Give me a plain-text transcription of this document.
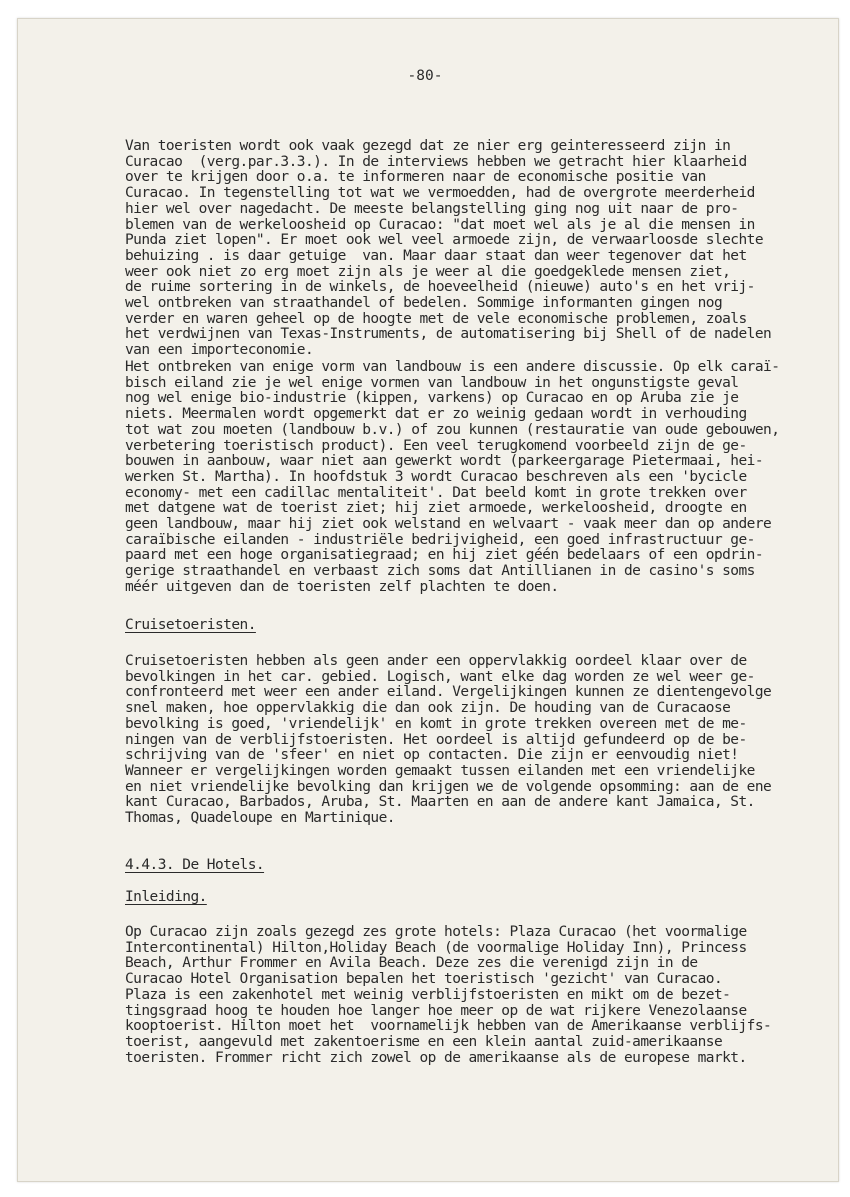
-80-

Van toeristen wordt ook vaak gezegd dat ze nier erg geinteresseerd zijn in
Curacao  (verg.par.3.3.). In de interviews hebben we getracht hier klaarheid
over te krijgen door o.a. te informeren naar de economische positie van
Curacao. In tegenstelling tot wat we vermoedden, had de overgrote meerderheid
hier wel over nagedacht. De meeste belangstelling ging nog uit naar de pro-
blemen van de werkeloosheid op Curacao: "dat moet wel als je al die mensen in
Punda ziet lopen". Er moet ook wel veel armoede zijn, de verwaarloosde slechte
behuizing . is daar getuige  van. Maar daar staat dan weer tegenover dat het
weer ook niet zo erg moet zijn als je weer al die goedgeklede mensen ziet,
de ruime sortering in de winkels, de hoeveelheid (nieuwe) auto's en het vrij-
wel ontbreken van straathandel of bedelen. Sommige informanten gingen nog
verder en waren geheel op de hoogte met de vele economische problemen, zoals
het verdwijnen van Texas-Instruments, de automatisering bij Shell of de nadelen
van een importeconomie.

Het ontbreken van enige vorm van landbouw is een andere discussie. Op elk caraï-
bisch eiland zie je wel enige vormen van landbouw in het ongunstigste geval
nog wel enige bio-industrie (kippen, varkens) op Curacao en op Aruba zie je
niets. Meermalen wordt opgemerkt dat er zo weinig gedaan wordt in verhouding
tot wat zou moeten (landbouw b.v.) of zou kunnen (restauratie van oude gebouwen,
verbetering toeristisch product). Een veel terugkomend voorbeeld zijn de ge-
bouwen in aanbouw, waar niet aan gewerkt wordt (parkeergarage Pietermaai, hei-
werken St. Martha). In hoofdstuk 3 wordt Curacao beschreven als een 'bycicle
economy- met een cadillac mentaliteit'. Dat beeld komt in grote trekken over
met datgene wat de toerist ziet; hij ziet armoede, werkeloosheid, droogte en
geen landbouw, maar hij ziet ook welstand en welvaart - vaak meer dan op andere
caraïbische eilanden - industriële bedrijvigheid, een goed infrastructuur ge-
paard met een hoge organisatiegraad; en hij ziet géén bedelaars of een opdrin-
gerige straathandel en verbaast zich soms dat Antillianen in de casino's soms
méér uitgeven dan de toeristen zelf plachten te doen.

Cruisetoeristen.

Cruisetoeristen hebben als geen ander een oppervlakkig oordeel klaar over de
bevolkingen in het car. gebied. Logisch, want elke dag worden ze wel weer ge-
confronteerd met weer een ander eiland. Vergelijkingen kunnen ze dientengevolge
snel maken, hoe oppervlakkig die dan ook zijn. De houding van de Curacaose
bevolking is goed, 'vriendelijk' en komt in grote trekken overeen met de me-
ningen van de verblijfstoeristen. Het oordeel is altijd gefundeerd op de be-
schrijving van de 'sfeer' en niet op contacten. Die zijn er eenvoudig niet!
Wanneer er vergelijkingen worden gemaakt tussen eilanden met een vriendelijke
en niet vriendelijke bevolking dan krijgen we de volgende opsomming: aan de ene
kant Curacao, Barbados, Aruba, St. Maarten en aan de andere kant Jamaica, St.
Thomas, Quadeloupe en Martinique.

4.4.3. De Hotels.

Inleiding.

Op Curacao zijn zoals gezegd zes grote hotels: Plaza Curacao (het voormalige
Intercontinental) Hilton,Holiday Beach (de voormalige Holiday Inn), Princess
Beach, Arthur Frommer en Avila Beach. Deze zes die verenigd zijn in de
Curacao Hotel Organisation bepalen het toeristisch 'gezicht' van Curacao.
Plaza is een zakenhotel met weinig verblijfstoeristen en mikt om de bezet-
tingsgraad hoog te houden hoe langer hoe meer op de wat rijkere Venezolaanse
kooptoerist. Hilton moet het  voornamelijk hebben van de Amerikaanse verblijfs-
toerist, aangevuld met zakentoerisme en een klein aantal zuid-amerikaanse
toeristen. Frommer richt zich zowel op de amerikaanse als de europese markt.
